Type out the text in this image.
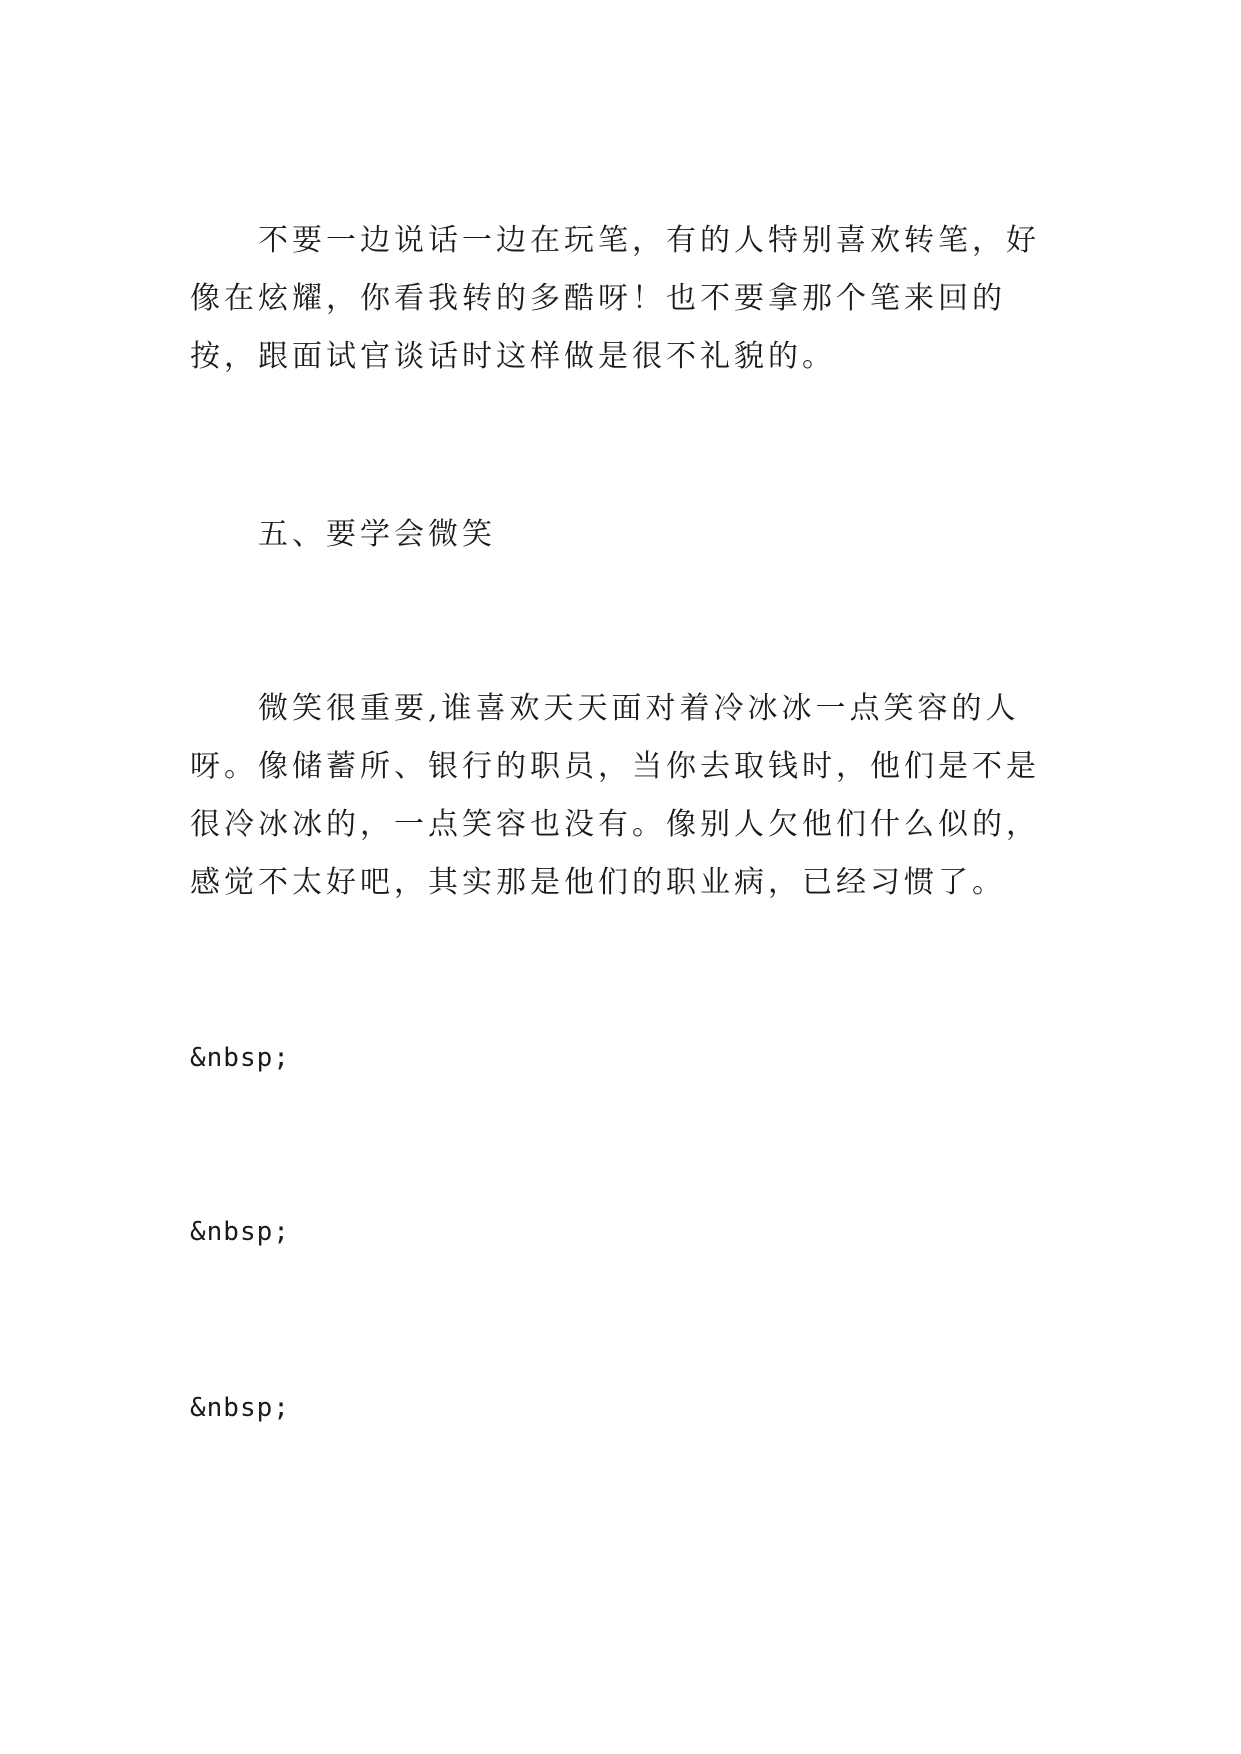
不要一边说话一边在玩笔，有的人特别喜欢转笔，好像在炫耀，你看我转的多酷呀！也不要拿那个笔来回的按，跟面试官谈话时这样做是很不礼貌的。

五、要学会微笑

微笑很重要,谁喜欢天天面对着冷冰冰一点笑容的人呀。像储蓄所、银行的职员，当你去取钱时，他们是不是很冷冰冰的，一点笑容也没有。像别人欠他们什么似的，感觉不太好吧，其实那是他们的职业病，已经习惯了。

&nbsp;

&nbsp;

&nbsp;
